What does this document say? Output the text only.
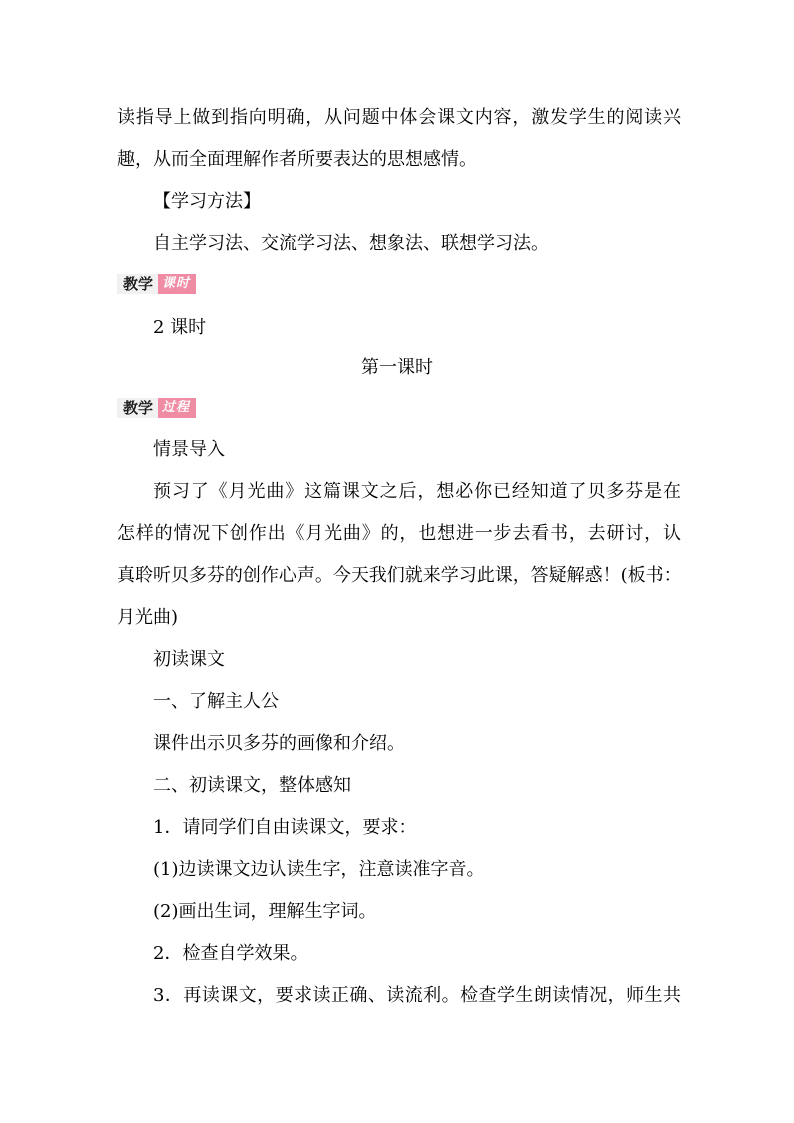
读指导上做到指向明确，从问题中体会课文内容，激发学生的阅读兴
趣，从而全面理解作者所要表达的思想感情。
【学习方法】
自主学习法、交流学习法、想象法、联想学习法。
教学 课时
2 课时
第一课时
教学 过程
情景导入
预习了《月光曲》这篇课文之后，想必你已经知道了贝多芬是在
怎样的情况下创作出《月光曲》的，也想进一步去看书，去研讨，认
真聆听贝多芬的创作心声。今天我们就来学习此课，答疑解惑！(板书：
月光曲)
初读课文
一、了解主人公
课件出示贝多芬的画像和介绍。
二、初读课文，整体感知
1．请同学们自由读课文，要求：
(1)边读课文边认读生字，注意读准字音。
(2)画出生词，理解生字词。
2．检查自学效果。
3．再读课文，要求读正确、读流利。检查学生朗读情况，师生共
